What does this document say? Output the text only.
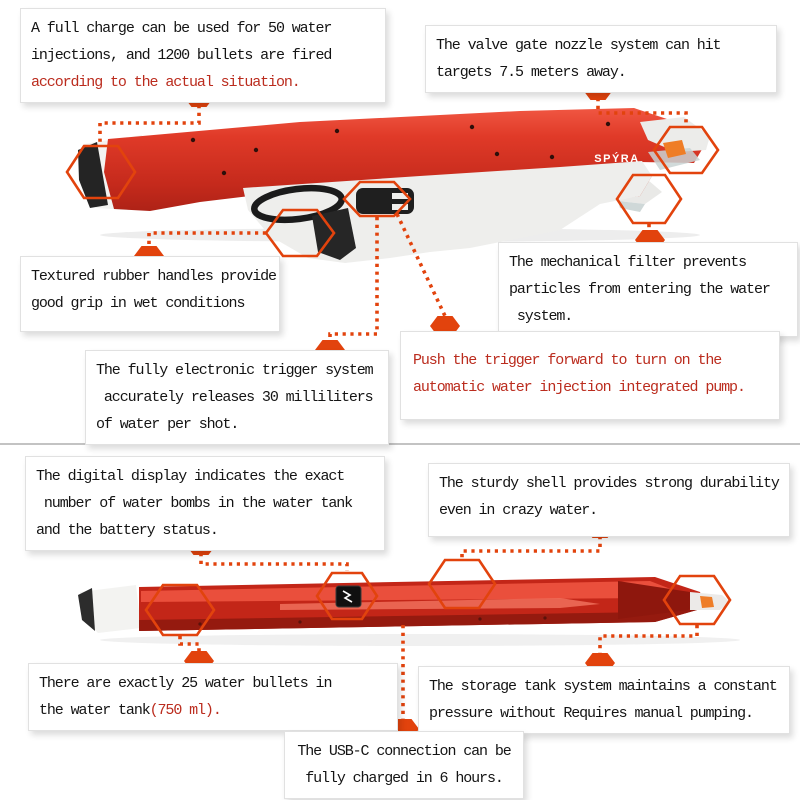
SPÝRA
A full charge can be used for 50 water
injections, and 1200 bullets are fired
according to the actual situation.
The valve gate nozzle system can hit
targets 7.5 meters away.
Textured rubber handles provide
good grip in wet conditions
The fully electronic trigger system
accurately releases 30 milliliters
of water per shot.
The mechanical filter prevents
particles from entering the water
system.
Push the trigger forward to turn on the
automatic water injection integrated pump.
The digital display indicates the exact
number of water bombs in the water tank
and the battery status.
The sturdy shell provides strong durability
even in crazy water.
There are exactly 25 water bullets in
the water tank(750 ml).
The storage tank system maintains a constant
pressure without Requires manual pumping.
The USB-C connection can be
fully charged in 6 hours.
